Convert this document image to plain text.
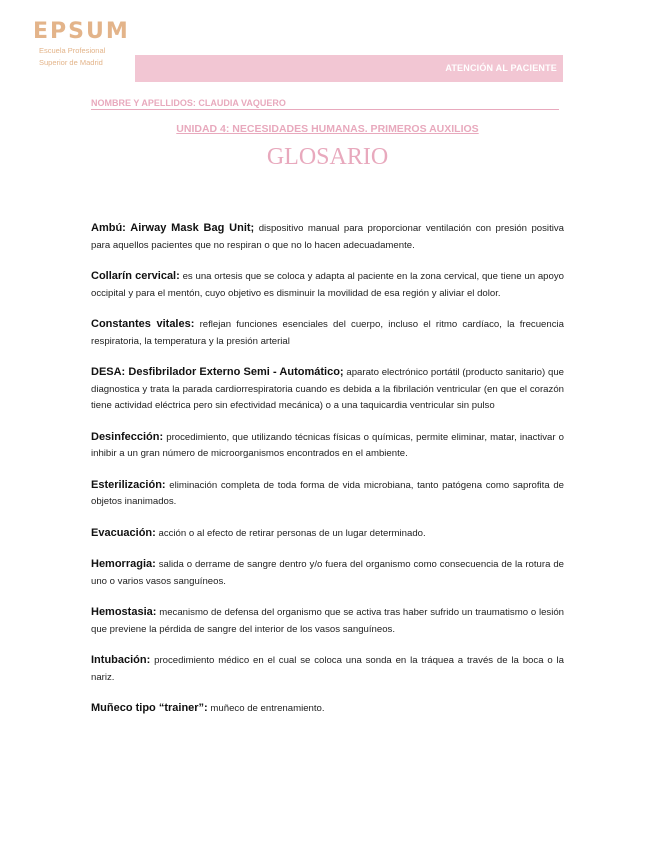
EPSUM
Escuela Profesional
Superior de Madrid
ATENCIÓN AL PACIENTE
NOMBRE Y APELLIDOS: CLAUDIA VAQUERO
UNIDAD 4: NECESIDADES HUMANAS. PRIMEROS AUXILIOS
GLOSARIO

Ambú: Airway Mask Bag Unit; dispositivo manual para proporcionar ventilación con presión positiva para aquellos pacientes que no respiran o que no lo hacen adecuadamente.

Collarín cervical: es una ortesis que se coloca y adapta al paciente en la zona cervical, que tiene un apoyo occipital y para el mentón, cuyo objetivo es disminuir la movilidad de esa región y aliviar el dolor.

Constantes vitales: reflejan funciones esenciales del cuerpo, incluso el ritmo cardíaco, la frecuencia respiratoria, la temperatura y la presión arterial

DESA: Desfibrilador Externo Semi - Automático; aparato electrónico portátil (producto sanitario) que diagnostica y trata la parada cardiorrespiratoria cuando es debida a la fibrilación ventricular (en que el corazón tiene actividad eléctrica pero sin efectividad mecánica) o a una taquicardia ventricular sin pulso

Desinfección: procedimiento, que utilizando técnicas físicas o químicas, permite eliminar, matar, inactivar o inhibir a un gran número de microorganismos encontrados en el ambiente.

Esterilización: eliminación completa de toda forma de vida microbiana, tanto patógena como saprofita de objetos inanimados.

Evacuación: acción o al efecto de retirar personas de un lugar determinado.

Hemorragia: salida o derrame de sangre dentro y/o fuera del organismo como consecuencia de la rotura de uno o varios vasos sanguíneos.

Hemostasia: mecanismo de defensa del organismo que se activa tras haber sufrido un traumatismo o lesión que previene la pérdida de sangre del interior de los vasos sanguíneos.

Intubación: procedimiento médico en el cual se coloca una sonda en la tráquea a través de la boca o la nariz.

Muñeco tipo “trainer”: muñeco de entrenamiento.
